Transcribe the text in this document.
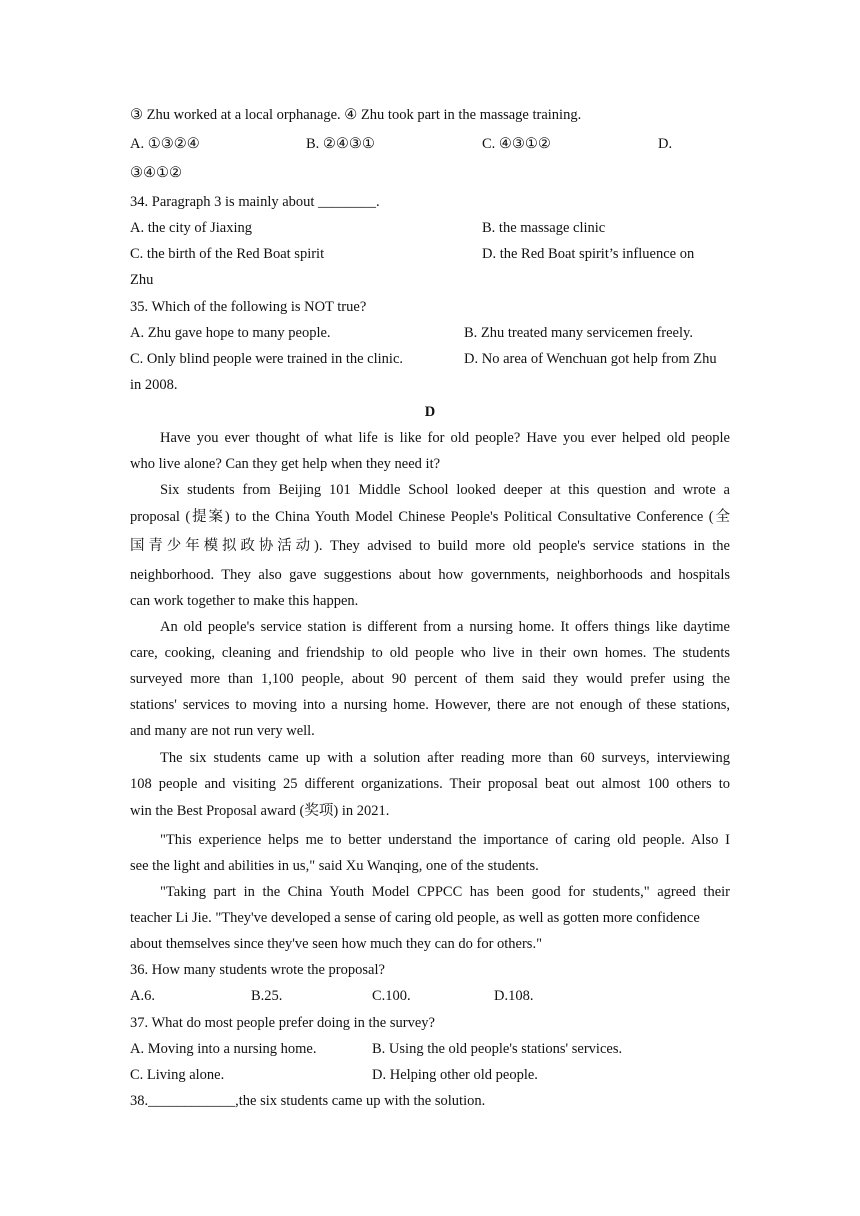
③ Zhu worked at a local orphanage. ④ Zhu took part in the massage training.
A. ①③②④	B. ②④③①	C. ④③①②	D.
③④①②
34. Paragraph 3 is mainly about ________.
A. the city of Jiaxing	B. the massage clinic
C. the birth of the Red Boat spirit	D. the Red Boat spirit’s influence on
Zhu
35. Which of the following is NOT true?
A. Zhu gave hope to many people.	B. Zhu treated many servicemen freely.
C. Only blind people were trained in the clinic.	D. No area of Wenchuan got help from Zhu
in 2008.
D
Have you ever thought of what life is like for old people? Have you ever helped old people
who live alone? Can they get help when they need it?
Six students from Beijing 101 Middle School looked deeper at this question and wrote a
proposal (提案) to the China Youth Model Chinese People's Political Consultative Conference (全
国青少年模拟政协活动). They advised to build more old people's service stations in the
neighborhood. They also gave suggestions about how governments, neighborhoods and hospitals
can work together to make this happen.
An old people's service station is different from a nursing home. It offers things like daytime
care, cooking, cleaning and friendship to old people who live in their own homes. The students
surveyed more than 1,100 people, about 90 percent of them said they would prefer using the
stations' services to moving into a nursing home. However, there are not enough of these stations,
and many are not run very well.
The six students came up with a solution after reading more than 60 surveys, interviewing
108 people and visiting 25 different organizations. Their proposal beat out almost 100 others to
win the Best Proposal award (奖项) in 2021.
"This experience helps me to better understand the importance of caring old people. Also I
see the light and abilities in us," said Xu Wanqing, one of the students.
"Taking part in the China Youth Model CPPCC has been good for students," agreed their
teacher Li Jie. "They've developed a sense of caring old people, as well as gotten more confidence
about themselves since they've seen how much they can do for others."
36. How many students wrote the proposal?
A.6.	B.25.	C.100.	D.108.
37. What do most people prefer doing in the survey?
A. Moving into a nursing home.	B. Using the old people's stations' services.
C. Living alone.	D. Helping other old people.
38.____________,the six students came up with the solution.
